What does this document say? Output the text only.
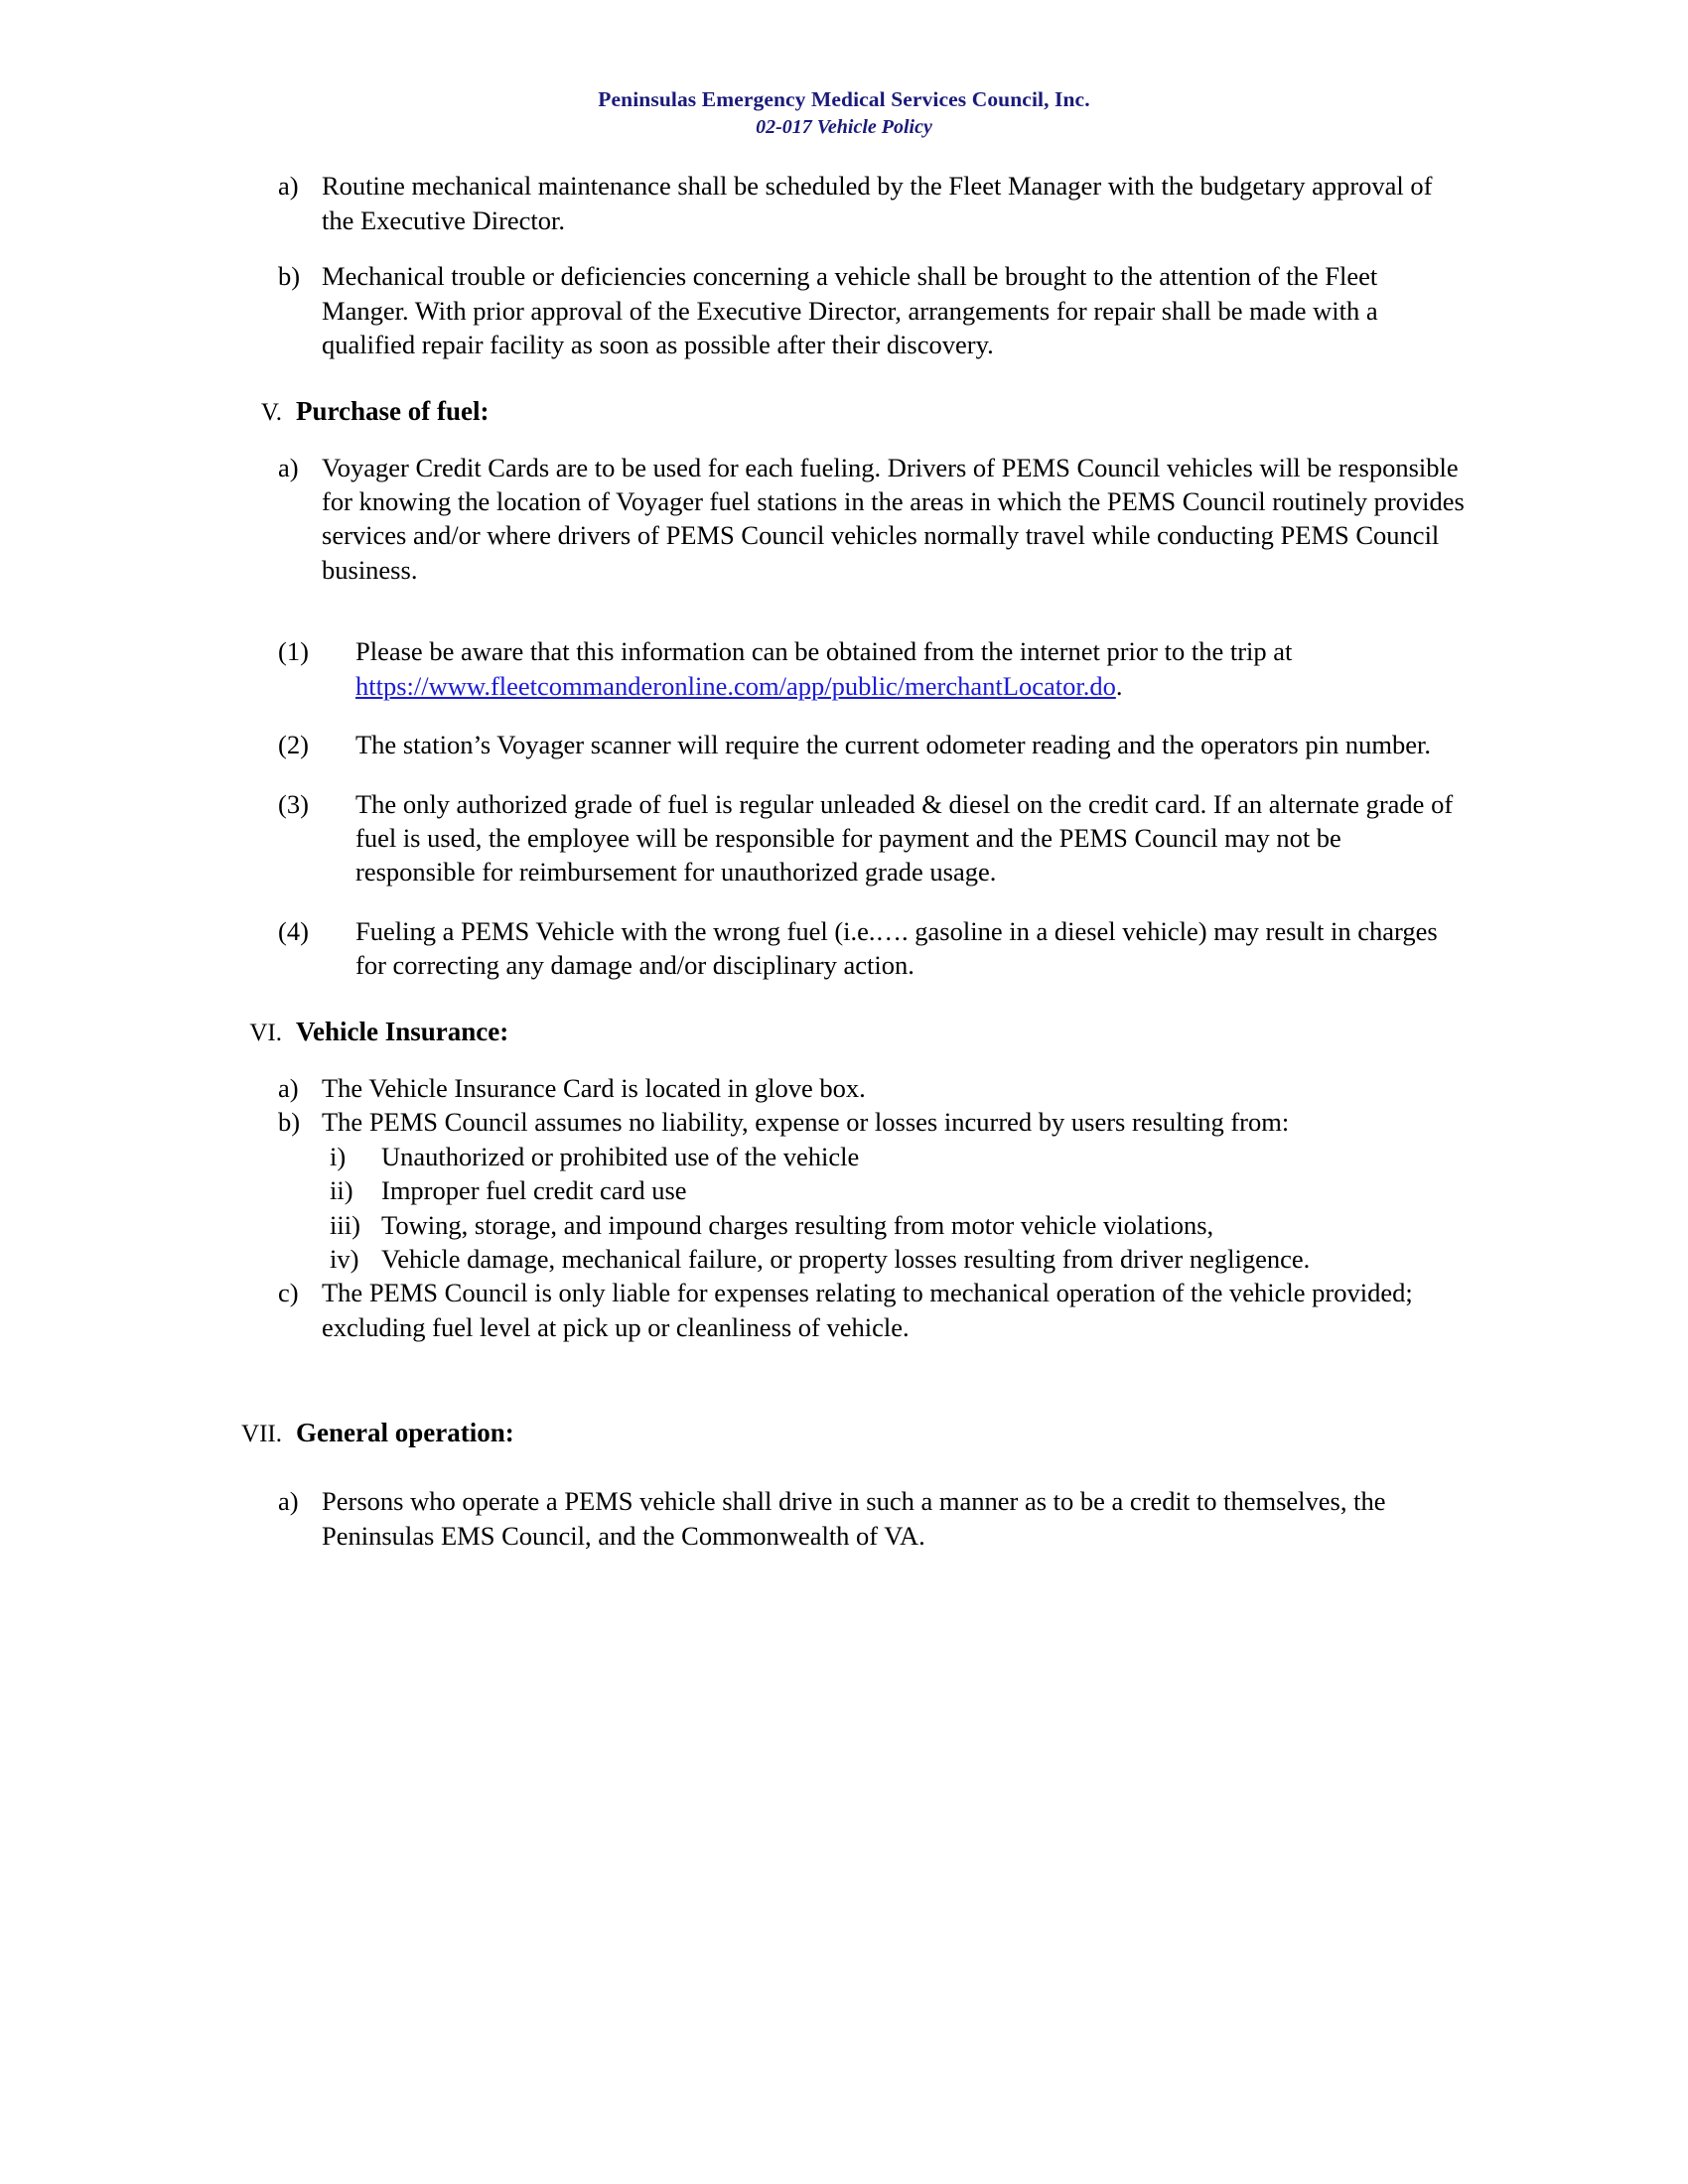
Peninsulas Emergency Medical Services Council, Inc.
02-017 Vehicle Policy
a) Routine mechanical maintenance shall be scheduled by the Fleet Manager with the budgetary approval of the Executive Director.
b) Mechanical trouble or deficiencies concerning a vehicle shall be brought to the attention of the Fleet Manger. With prior approval of the Executive Director, arrangements for repair shall be made with a qualified repair facility as soon as possible after their discovery.
V. Purchase of fuel:
a) Voyager Credit Cards are to be used for each fueling. Drivers of PEMS Council vehicles will be responsible for knowing the location of Voyager fuel stations in the areas in which the PEMS Council routinely provides services and/or where drivers of PEMS Council vehicles normally travel while conducting PEMS Council business.
(1)	Please be aware that this information can be obtained from the internet prior to the trip at https://www.fleetcommanderonline.com/app/public/merchantLocator.do.
(2)	The station’s Voyager scanner will require the current odometer reading and the operators pin number.
(3)	The only authorized grade of fuel is regular unleaded & diesel on the credit card. If an alternate grade of fuel is used, the employee will be responsible for payment and the PEMS Council may not be responsible for reimbursement for unauthorized grade usage.
(4)	Fueling a PEMS Vehicle with the wrong fuel (i.e.…. gasoline in a diesel vehicle) may result in charges for correcting any damage and/or disciplinary action.
VI. Vehicle Insurance:
a) The Vehicle Insurance Card is located in glove box.
b) The PEMS Council assumes no liability, expense or losses incurred by users resulting from:
i)	Unauthorized or prohibited use of the vehicle
ii)	Improper fuel credit card use
iii) Towing, storage, and impound charges resulting from motor vehicle violations,
iv) Vehicle damage, mechanical failure, or property losses resulting from driver negligence.
c) The PEMS Council is only liable for expenses relating to mechanical operation of the vehicle provided; excluding fuel level at pick up or cleanliness of vehicle.
VII. General operation:
a) Persons who operate a PEMS vehicle shall drive in such a manner as to be a credit to themselves, the Peninsulas EMS Council, and the Commonwealth of VA.
